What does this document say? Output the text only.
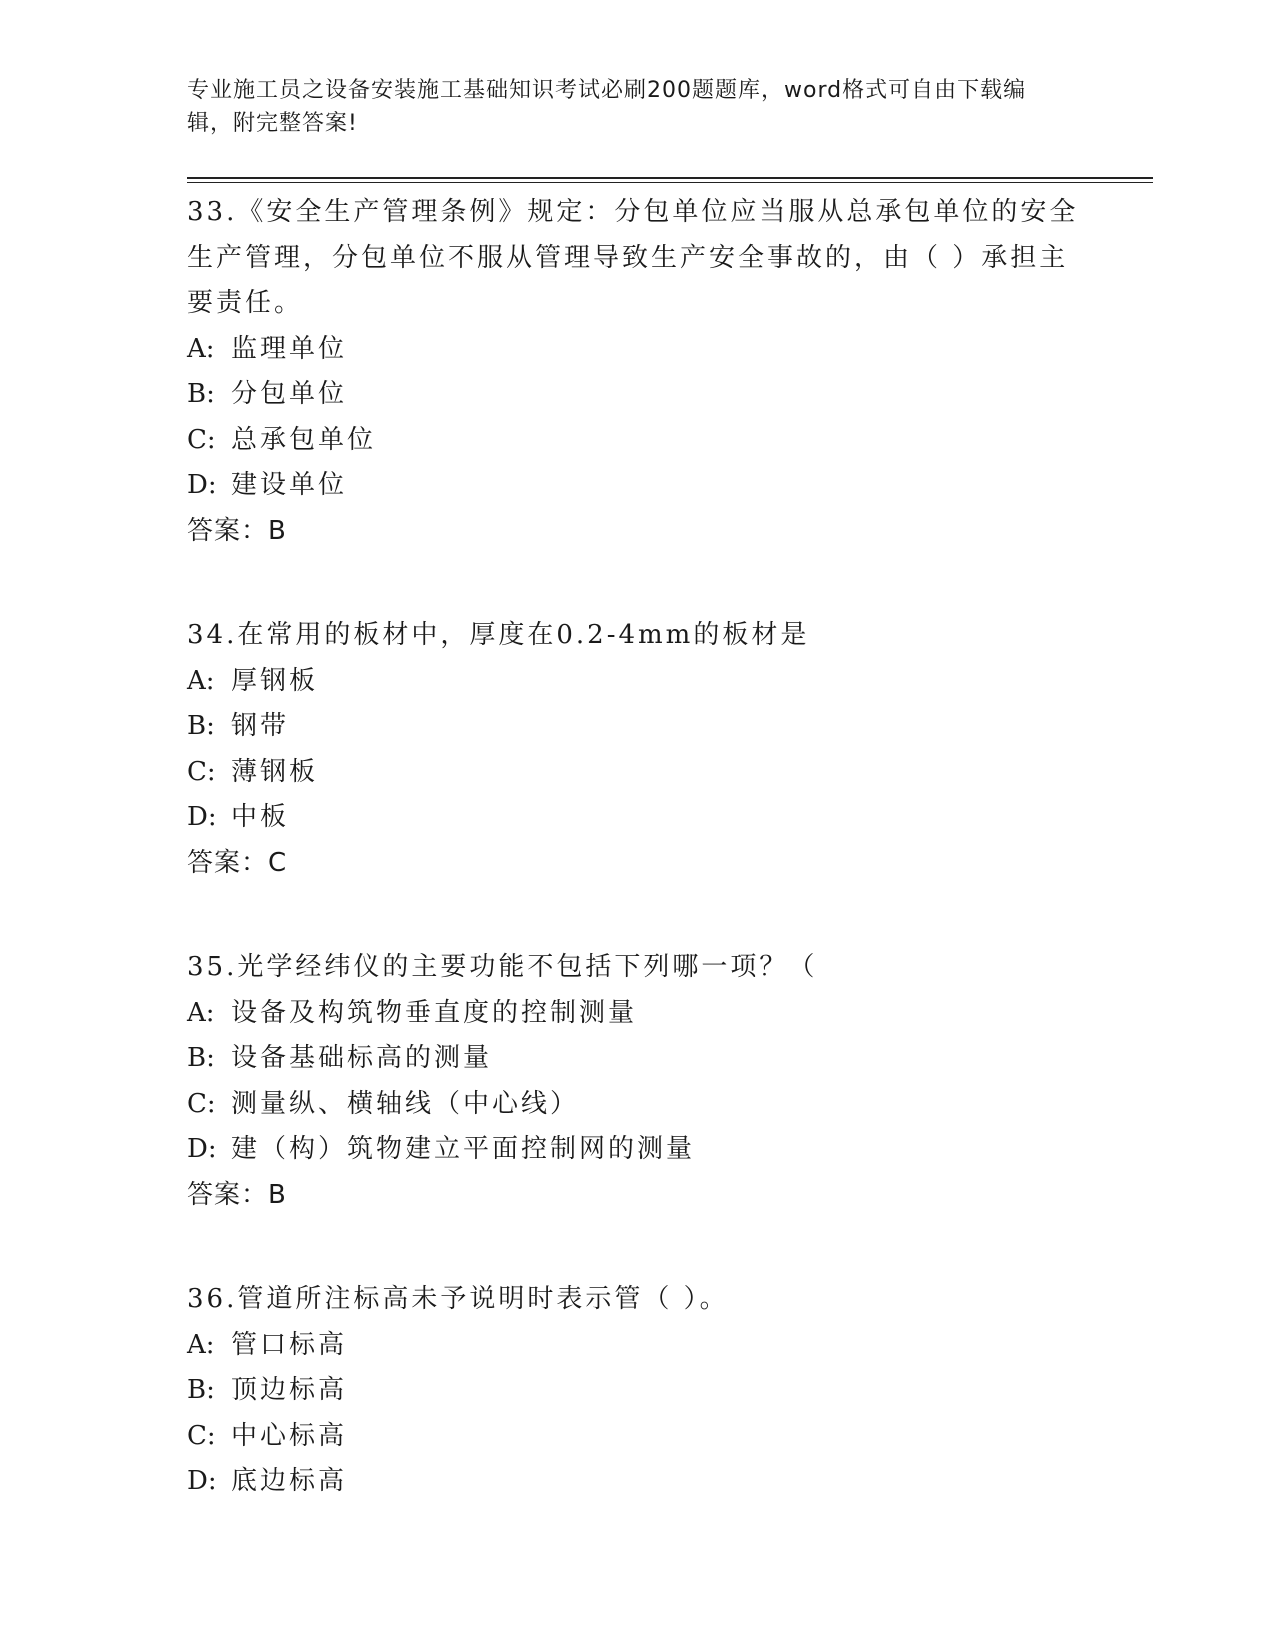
专业施工员之设备安装施工基础知识考试必刷200题题库，word格式可自由下载编辑，附完整答案!

33.《安全生产管理条例》规定：分包单位应当服从总承包单位的安全生产管理，分包单位不服从管理导致生产安全事故的，由（ ）承担主要责任。

A: 监理单位

B: 分包单位

C: 总承包单位

D: 建设单位

答案：B

34.在常用的板材中，厚度在0.2-4mm的板材是

A: 厚钢板

B: 钢带

C: 薄钢板

D: 中板

答案：C

35.光学经纬仪的主要功能不包括下列哪一项？（

A: 设备及构筑物垂直度的控制测量

B: 设备基础标高的测量

C: 测量纵、横轴线（中心线）

D: 建（构）筑物建立平面控制网的测量

答案：B

36.管道所注标高未予说明时表示管（ ）。

A: 管口标高

B: 顶边标高

C: 中心标高

D: 底边标高
